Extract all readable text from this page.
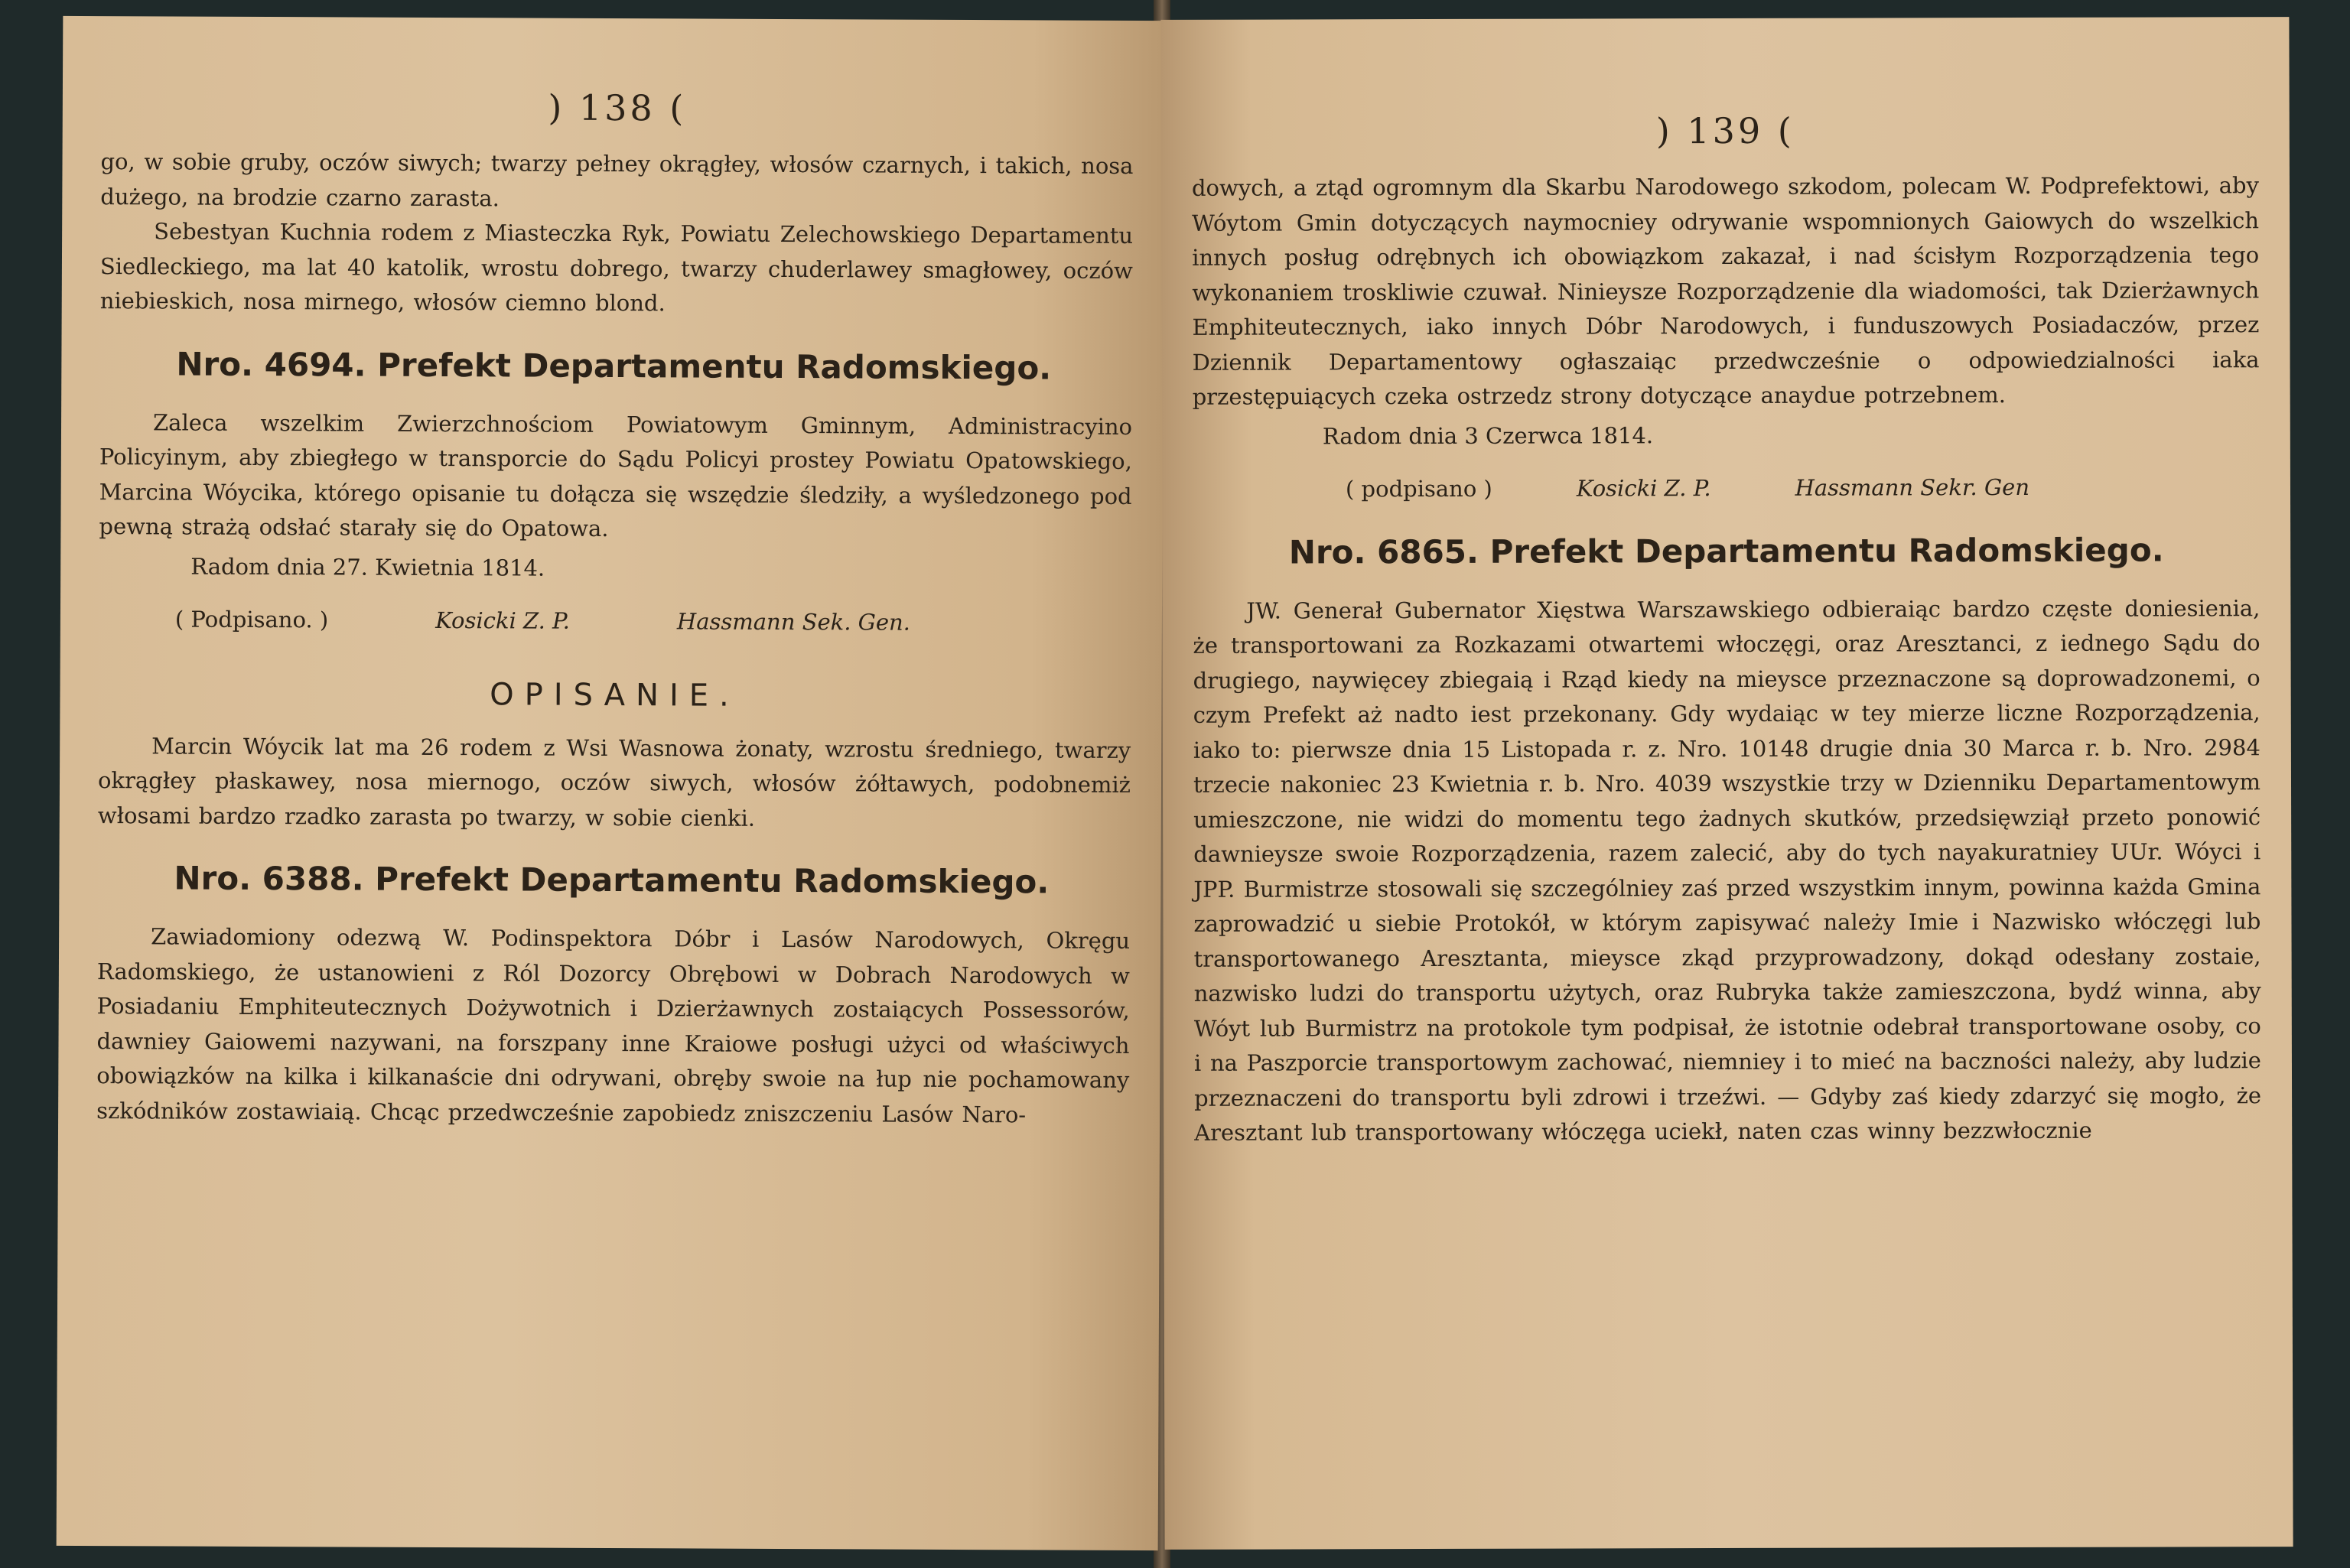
) 138 (

go, w sobie gruby, oczów siwych; twarzy pełney okrągłey, włosów czarnych, i takich, nosa dużego, na brodzie czarno zarasta.

Sebestyan Kuchnia rodem z Miasteczka Ryk, Powiatu Zelechowskiego Departamentu Siedleckiego, ma lat 40 katolik, wrostu dobrego, twarzy chuderlawey smagłowey, oczów niebieskich, nosa mirnego, włosów ciemno blond.

Nro. 4694. Prefekt Departamentu Radomskiego.

Zaleca wszelkim Zwierzchnościom Powiatowym Gminnym, Administracyino Policyinym, aby zbiegłego w transporcie do Sądu Policyi prostey Powiatu Opatowskiego, Marcina Wóycika, którego opisanie tu dołącza się wszędzie śledziły, a wyśledzonego pod pewną strażą odsłać starały się do Opatowa.

Radom dnia 27. Kwietnia 1814.
( Podpisano. )	Kosicki Z. P.	Hassmann Sek. Gen.
OPISANIE.

Marcin Wóycik lat ma 26 rodem z Wsi Wasnowa żonaty, wzrostu średniego, twarzy okrągłey płaskawey, nosa miernogo, oczów siwych, włosów żółtawych, podobnemiż włosami bardzo rzadko zarasta po twarzy, w sobie cienki.

Nro. 6388. Prefekt Departamentu Radomskiego.

Zawiadomiony odezwą W. Podinspektora Dóbr i Lasów Narodowych, Okręgu Radomskiego, że ustanowieni z Ról Dozorcy Obrębowi w Dobrach Narodowych w Posiadaniu Emphiteutecznych Dożywotnich i Dzierżawnych zostaiących Possessorów, dawniey Gaiowemi nazywani, na forszpany inne Kraiowe posługi użyci od właściwych obowiązków na kilka i kilkanaście dni odrywani, obręby swoie na łup nie pochamowany szkódników zostawiaią. Chcąc przedwcześnie zapobiedz zniszczeniu Lasów Naro-

) 139 (

dowych, a ztąd ogromnym dla Skarbu Narodowego szkodom, polecam W. Podprefektowi, aby Wóytom Gmin dotyczących naymocniey odrywanie wspomnionych Gaiowych do wszelkich innych posług odrębnych ich obowiązkom zakazał, i nad ścisłym Rozporządzenia tego wykonaniem troskliwie czuwał. Ninieysze Rozporządzenie dla wiadomości, tak Dzierżawnych Emphiteutecznych, iako innych Dóbr Narodowych, i funduszowych Posiadaczów, przez Dziennik Departamentowy ogłaszaiąc przedwcześnie o odpowiedzialności iaka przestępuiących czeka ostrzedz strony dotyczące anaydue potrzebnem.

Radom dnia 3 Czerwca 1814.
( podpisano )	Kosicki Z. P.	Hassmann Sekr. Gen
Nro. 6865. Prefekt Departamentu Radomskiego.

JW. Generał Gubernator Xięstwa Warszawskiego odbieraiąc bardzo częste doniesienia, że transportowani za Rozkazami otwartemi włoczęgi, oraz Aresztanci, z iednego Sądu do drugiego, naywięcey zbiegaią i Rząd kiedy na mieysce przeznaczone są doprowadzonemi, o czym Prefekt aż nadto iest przekonany. Gdy wydaiąc w tey mierze liczne Rozporządzenia, iako to: pierwsze dnia 15 Listopada r. z. Nro. 10148 drugie dnia 30 Marca r. b. Nro. 2984 trzecie nakoniec 23 Kwietnia r. b. Nro. 4039 wszystkie trzy w Dzienniku Departamentowym umieszczone, nie widzi do momentu tego żadnych skutków, przedsięwziął przeto ponowić dawnieysze swoie Rozporządzenia, razem zalecić, aby do tych nayakuratniey UUr. Wóyci i JPP. Burmistrze stosowali się szczególniey zaś przed wszystkim innym, powinna każda Gmina zaprowadzić u siebie Protokół, w którym zapisywać należy Imie i Nazwisko włóczęgi lub transportowanego Aresztanta, mieysce zkąd przyprowadzony, dokąd odesłany zostaie, nazwisko ludzi do transportu użytych, oraz Rubryka także zamieszczona, bydź winna, aby Wóyt lub Burmistrz na protokole tym podpisał, że istotnie odebrał transportowane osoby, co i na Paszporcie transportowym zachować, niemniey i to mieć na baczności należy, aby ludzie przeznaczeni do transportu byli zdrowi i trzeźwi. — Gdyby zaś kiedy zdarzyć się mogło, że Aresztant lub transportowany włóczęga uciekł, naten czas winny bezzwłocznie
